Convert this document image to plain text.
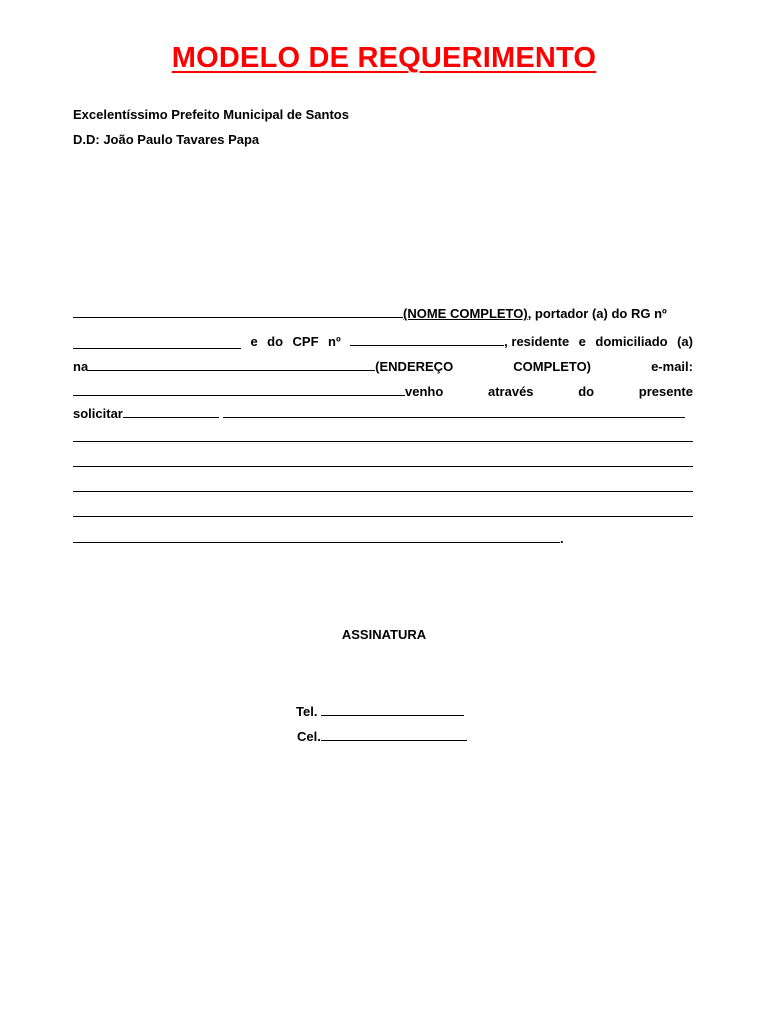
MODELO DE REQUERIMENTO
Excelentíssimo Prefeito Municipal de Santos
D.D: João Paulo Tavares Papa
(NOME COMPLETO), portador (a) do RG nº
e do CPF nº	, residente e domiciliado (a)
na	(ENDEREÇO	COMPLETO)	e-mail:
venho	através	do	presente
solicitar
.
ASSINATURA
Tel.
Cel.
